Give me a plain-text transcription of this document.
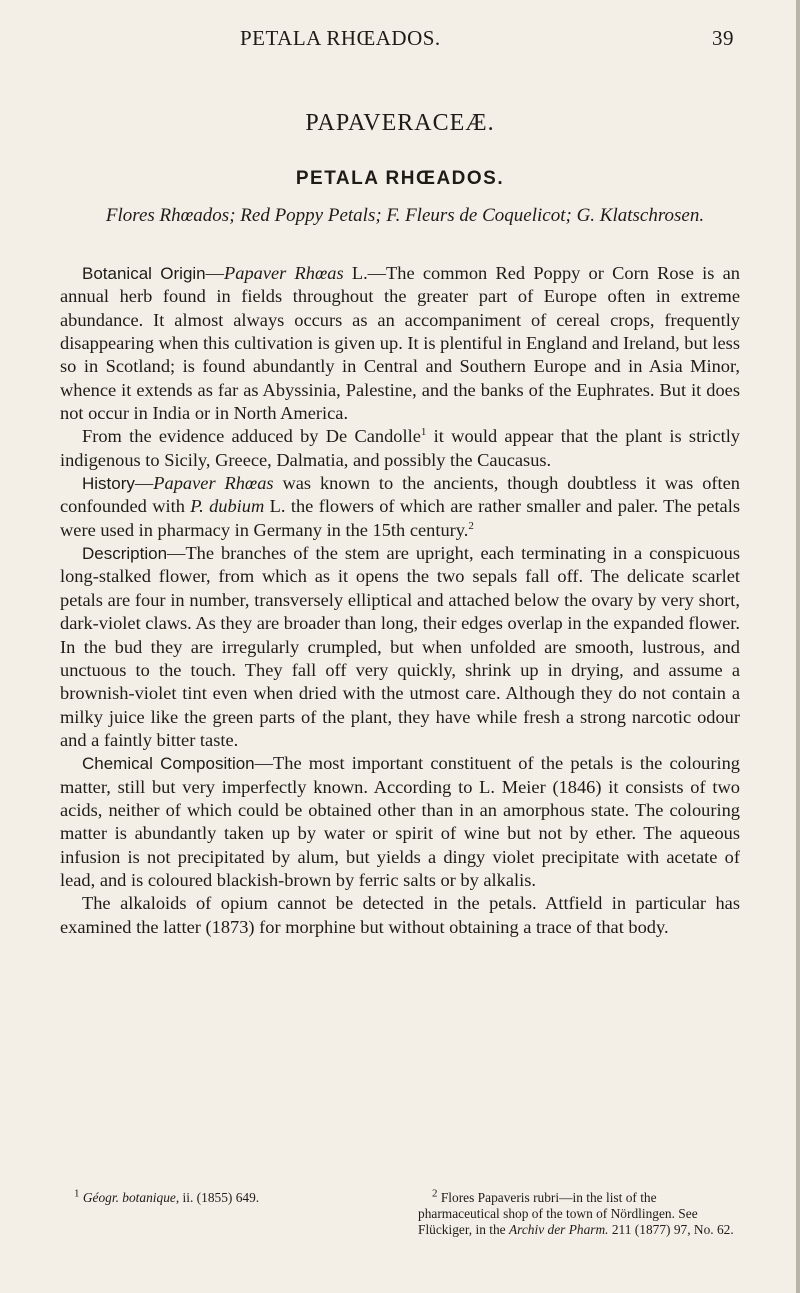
PETALA RHŒADOS.	39
PAPAVERACEÆ.
PETALA RHŒADOS.
Flores Rhœados; Red Poppy Petals; F. Fleurs de Coquelicot; G. Klatschrosen.

Botanical Origin—Papaver Rhœas L.—The common Red Poppy or Corn Rose is an annual herb found in fields throughout the greater part of Europe often in extreme abundance. It almost always occurs as an accompaniment of cereal crops, frequently disappearing when this cultivation is given up. It is plentiful in England and Ireland, but less so in Scotland; is found abundantly in Central and Southern Europe and in Asia Minor, whence it extends as far as Abyssinia, Palestine, and the banks of the Euphrates. But it does not occur in India or in North America.

From the evidence adduced by De Candolle$^1$ it would appear that the plant is strictly indigenous to Sicily, Greece, Dalmatia, and possibly the Caucasus.

History—Papaver Rhœas was known to the ancients, though doubtless it was often confounded with P. dubium L. the flowers of which are rather smaller and paler. The petals were used in pharmacy in Germany in the 15th century.$^2$

Description—The branches of the stem are upright, each terminating in a conspicuous long-stalked flower, from which as it opens the two sepals fall off. The delicate scarlet petals are four in number, transversely elliptical and attached below the ovary by very short, dark-violet claws. As they are broader than long, their edges overlap in the expanded flower. In the bud they are irregularly crumpled, but when unfolded are smooth, lustrous, and unctuous to the touch. They fall off very quickly, shrink up in drying, and assume a brownish-violet tint even when dried with the utmost care. Although they do not contain a milky juice like the green parts of the plant, they have while fresh a strong narcotic odour and a faintly bitter taste.

Chemical Composition—The most important constituent of the petals is the colouring matter, still but very imperfectly known. According to L. Meier (1846) it consists of two acids, neither of which could be obtained other than in an amorphous state. The colouring matter is abundantly taken up by water or spirit of wine but not by ether. The aqueous infusion is not precipitated by alum, but yields a dingy violet precipitate with acetate of lead, and is coloured blackish-brown by ferric salts or by alkalis.

The alkaloids of opium cannot be detected in the petals. Attfield in particular has examined the latter (1873) for morphine but without obtaining a trace of that body.

$^1$ Géogr. botanique, ii. (1855) 649.	$^2$ Flores Papaveris rubri—in the list of the pharmaceutical shop of the town of Nördlingen. See Flückiger, in the Archiv der Pharm. 211 (1877) 97, No. 62.
